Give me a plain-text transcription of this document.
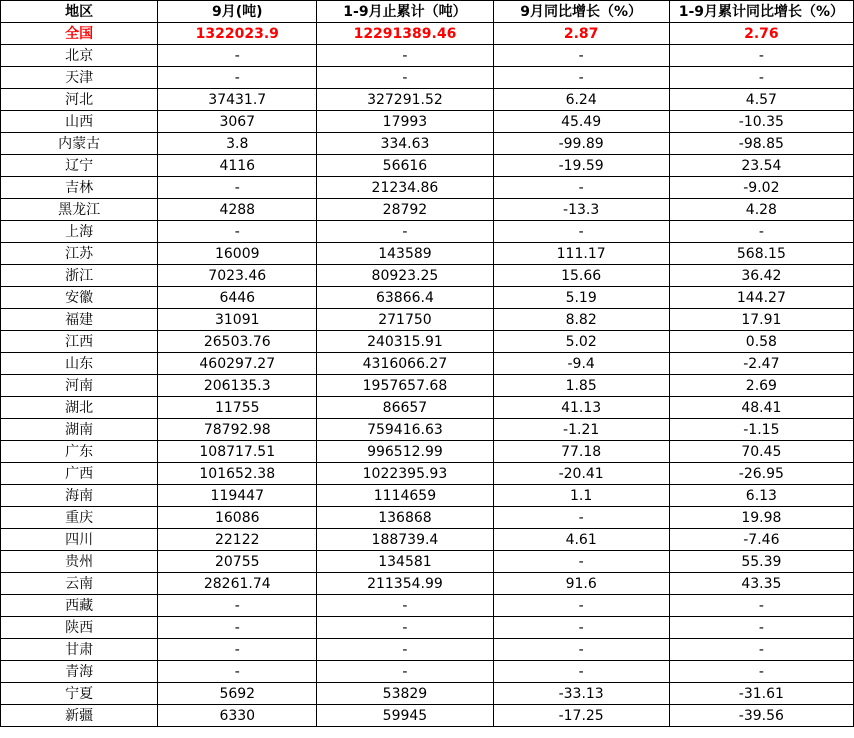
地区	9月(吨)	1-9月止累计（吨）	9月同比增长（%）	1-9月累计同比增长（%）
全国	1322023.9	12291389.46	2.87	2.76
北京	-	-	-	-
天津	-	-	-	-
河北	37431.7	327291.52	6.24	4.57
山西	3067	17993	45.49	-10.35
内蒙古	3.8	334.63	-99.89	-98.85
辽宁	4116	56616	-19.59	23.54
吉林	-	21234.86	-	-9.02
黑龙江	4288	28792	-13.3	4.28
上海	-	-	-	-
江苏	16009	143589	111.17	568.15
浙江	7023.46	80923.25	15.66	36.42
安徽	6446	63866.4	5.19	144.27
福建	31091	271750	8.82	17.91
江西	26503.76	240315.91	5.02	0.58
山东	460297.27	4316066.27	-9.4	-2.47
河南	206135.3	1957657.68	1.85	2.69
湖北	11755	86657	41.13	48.41
湖南	78792.98	759416.63	-1.21	-1.15
广东	108717.51	996512.99	77.18	70.45
广西	101652.38	1022395.93	-20.41	-26.95
海南	119447	1114659	1.1	6.13
重庆	16086	136868	-	19.98
四川	22122	188739.4	4.61	-7.46
贵州	20755	134581	-	55.39
云南	28261.74	211354.99	91.6	43.35
西藏	-	-	-	-
陕西	-	-	-	-
甘肃	-	-	-	-
青海	-	-	-	-
宁夏	5692	53829	-33.13	-31.61
新疆	6330	59945	-17.25	-39.56
